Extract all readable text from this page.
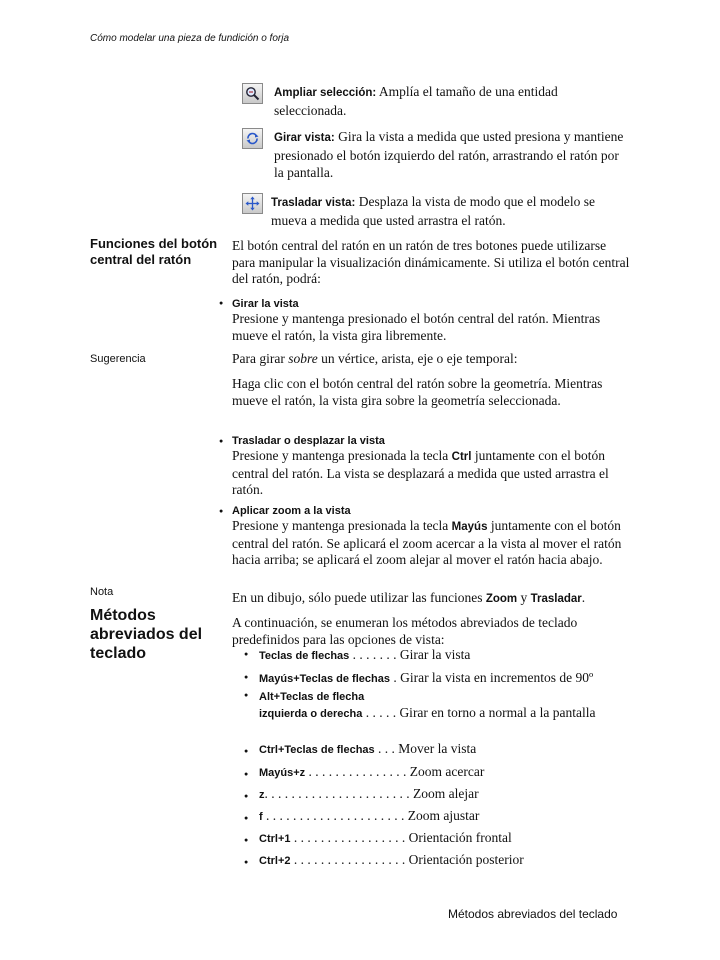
Cómo modelar una pieza de fundición o forja
Ampliar selección: Amplía el tamaño de una entidad seleccionada.
Girar vista: Gira la vista a medida que usted presiona y mantiene presionado el botón izquierdo del ratón, arrastrando el ratón por la pantalla.
Trasladar vista: Desplaza la vista de modo que el modelo se mueva a medida que usted arrastra el ratón.
Funciones del botón central del ratón
El botón central del ratón en un ratón de tres botones puede utilizarse para manipular la visualización dinámicamente. Si utiliza el botón central del ratón, podrá:
● Girar la vista
Presione y mantenga presionado el botón central del ratón. Mientras mueve el ratón, la vista gira libremente.
Sugerencia	Para girar sobre un vértice, arista, eje o eje temporal:
Haga clic con el botón central del ratón sobre la geometría. Mientras mueve el ratón, la vista gira sobre la geometría seleccionada.
● Trasladar o desplazar la vista
Presione y mantenga presionada la tecla Ctrl juntamente con el botón central del ratón. La vista se desplazará a medida que usted arrastra el ratón.
● Aplicar zoom a la vista
Presione y mantenga presionada la tecla Mayús juntamente con el botón central del ratón. Se aplicará el zoom acercar a la vista al mover el ratón hacia arriba; se aplicará el zoom alejar al mover el ratón hacia abajo.
Nota	En un dibujo, sólo puede utilizar las funciones Zoom y Trasladar.
Métodos abreviados del teclado
A continuación, se enumeran los métodos abreviados de teclado predefinidos para las opciones de vista:
● Teclas de flechas . . . . . . . Girar la vista
● Mayús+Teclas de flechas . Girar la vista en incrementos de 90º
● Alt+Teclas de flecha
izquierda o derecha . . . . . Girar en torno a normal a la pantalla
● Ctrl+Teclas de flechas . . . Mover la vista
● Mayús+z . . . . . . . . . . . . . . . Zoom acercar
● z. . . . . . . . . . . . . . . . . . . . . . Zoom alejar
● f . . . . . . . . . . . . . . . . . . . . . Zoom ajustar
● Ctrl+1 . . . . . . . . . . . . . . . . . Orientación frontal
● Ctrl+2 . . . . . . . . . . . . . . . . . Orientación posterior
Métodos abreviados del teclado
